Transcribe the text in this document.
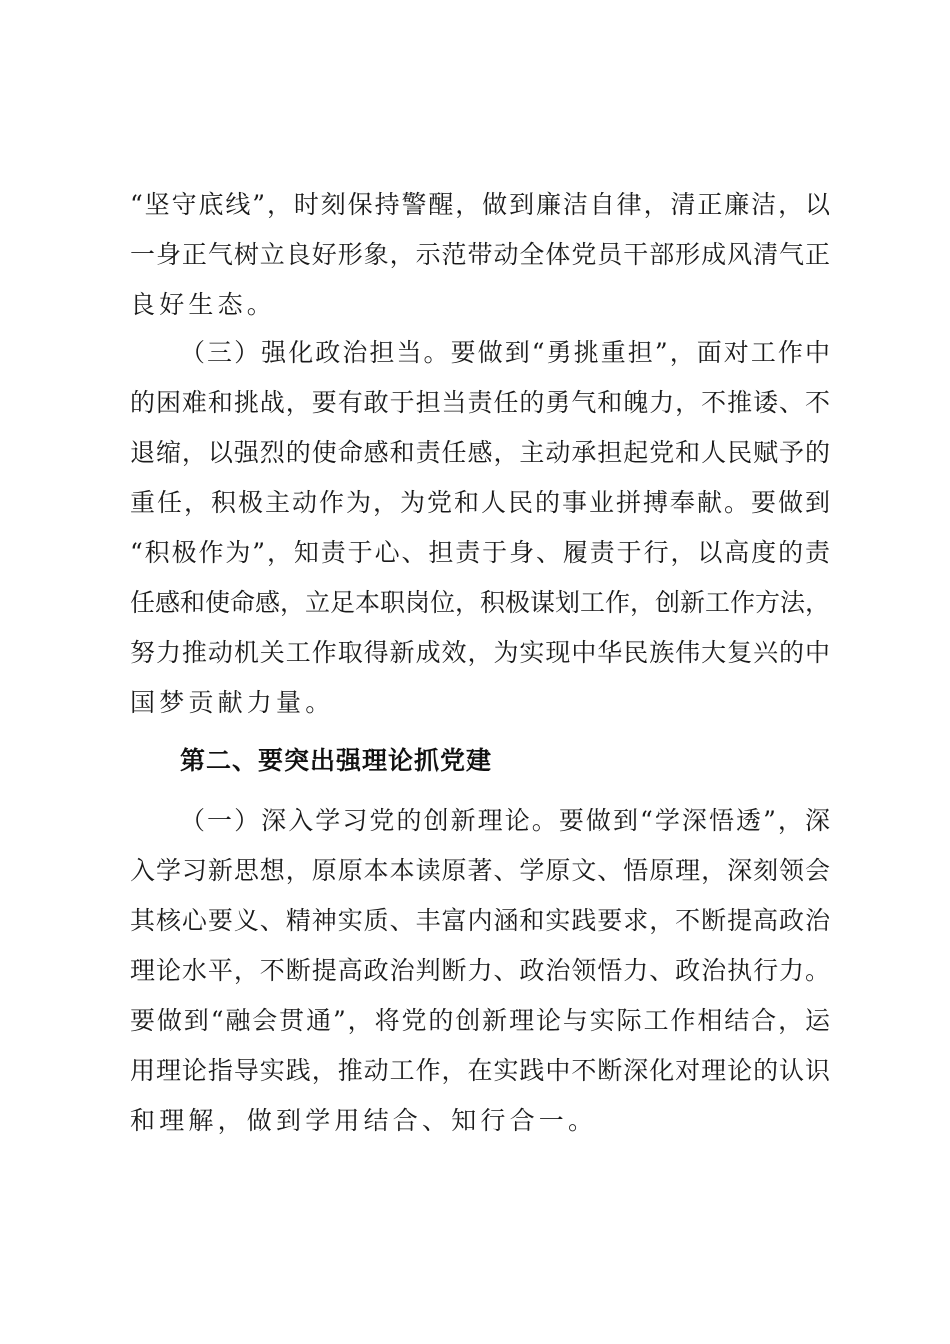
“坚守底线”，时刻保持警醒，做到廉洁自律，清正廉洁，以
一身正气树立良好形象，示范带动全体党员干部形成风清气正
良好生态。
（三）强化政治担当。要做到“勇挑重担”，面对工作中
的困难和挑战，要有敢于担当责任的勇气和魄力，不推诿、不
退缩，以强烈的使命感和责任感，主动承担起党和人民赋予的
重任，积极主动作为，为党和人民的事业拼搏奉献。要做到
“积极作为”，知责于心、担责于身、履责于行，以高度的责
任感和使命感，立足本职岗位，积极谋划工作，创新工作方法，
努力推动机关工作取得新成效，为实现中华民族伟大复兴的中
国梦贡献力量。
第二、要突出强理论抓党建
（一）深入学习党的创新理论。要做到“学深悟透”，深
入学习新思想，原原本本读原著、学原文、悟原理，深刻领会
其核心要义、精神实质、丰富内涵和实践要求，不断提高政治
理论水平，不断提高政治判断力、政治领悟力、政治执行力。
要做到“融会贯通”，将党的创新理论与实际工作相结合，运
用理论指导实践，推动工作，在实践中不断深化对理论的认识
和理解，做到学用结合、知行合一。
